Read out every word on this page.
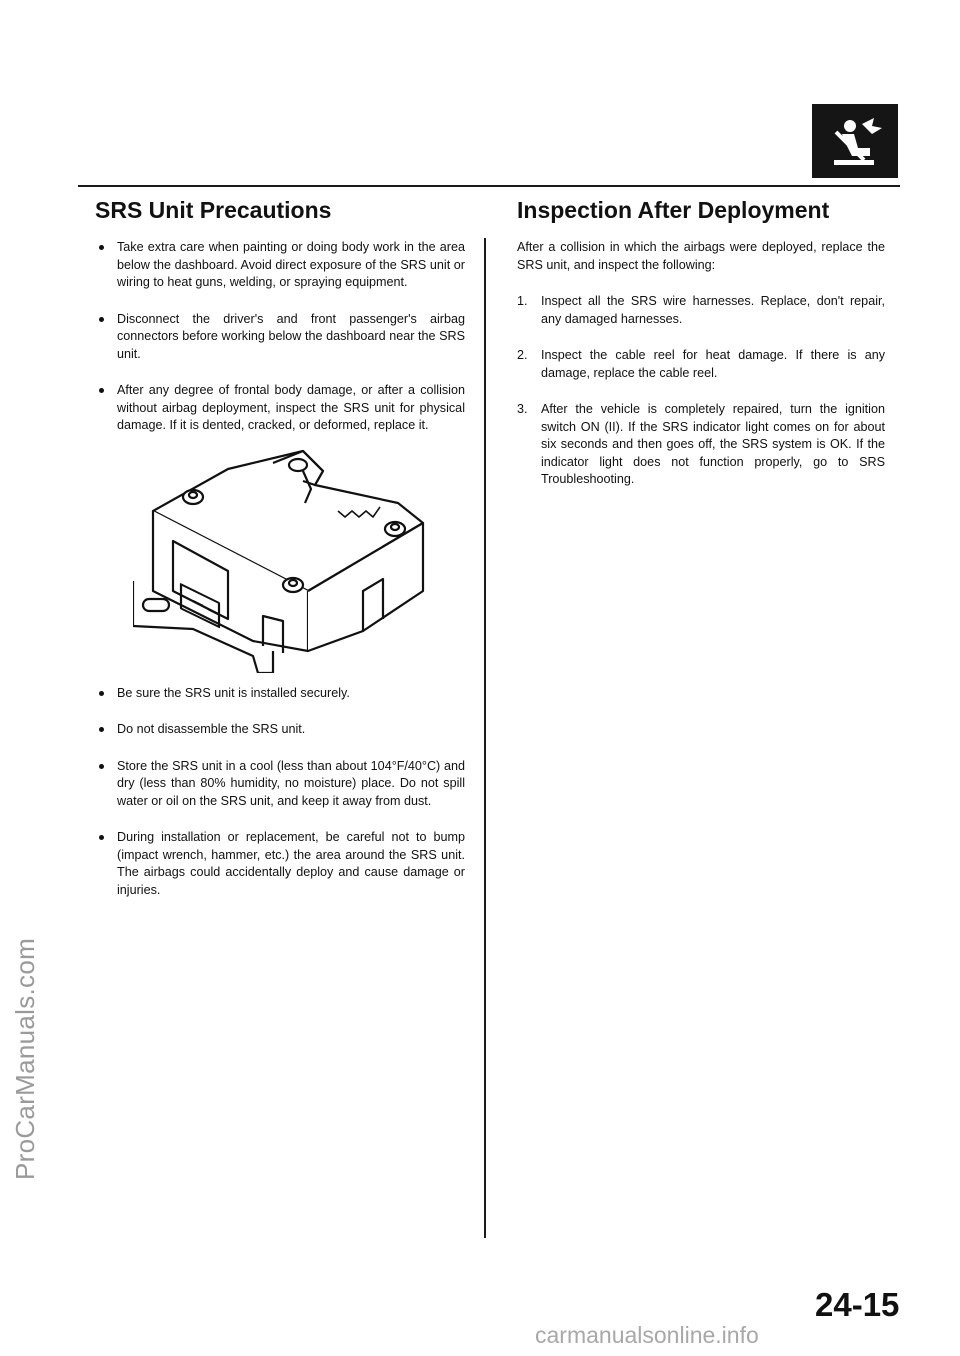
ProCarManuals.com
SRS Unit Precautions	Inspection After Deployment

Take extra care when painting or doing body work in the area below the dashboard. Avoid direct exposure of the SRS unit or wiring to heat guns, welding, or spraying equipment.

Disconnect the driver's and front passenger's airbag connectors before working below the dashboard near the SRS unit.

After any degree of frontal body damage, or after a collision without airbag deployment, inspect the SRS unit for physical damage. If it is dented, cracked, or deformed, replace it.

Be sure the SRS unit is installed securely.

Do not disassemble the SRS unit.

Store the SRS unit in a cool (less than about 104°F/40°C) and dry (less than 80% humidity, no moisture) place. Do not spill water or oil on the SRS unit, and keep it away from dust.

During installation or replacement, be careful not to bump (impact wrench, hammer, etc.) the area around the SRS unit. The airbags could accidentally deploy and cause damage or injuries.

After a collision in which the airbags were deployed, replace the SRS unit, and inspect the following:

1. Inspect all the SRS wire harnesses. Replace, don't repair, any damaged harnesses.

2. Inspect the cable reel for heat damage. If there is any damage, replace the cable reel.

3. After the vehicle is completely repaired, turn the ignition switch ON (II). If the SRS indicator light comes on for about six seconds and then goes off, the SRS system is OK. If the indicator light does not function properly, go to SRS Troubleshooting.

24-15

carmanualsonline.info
